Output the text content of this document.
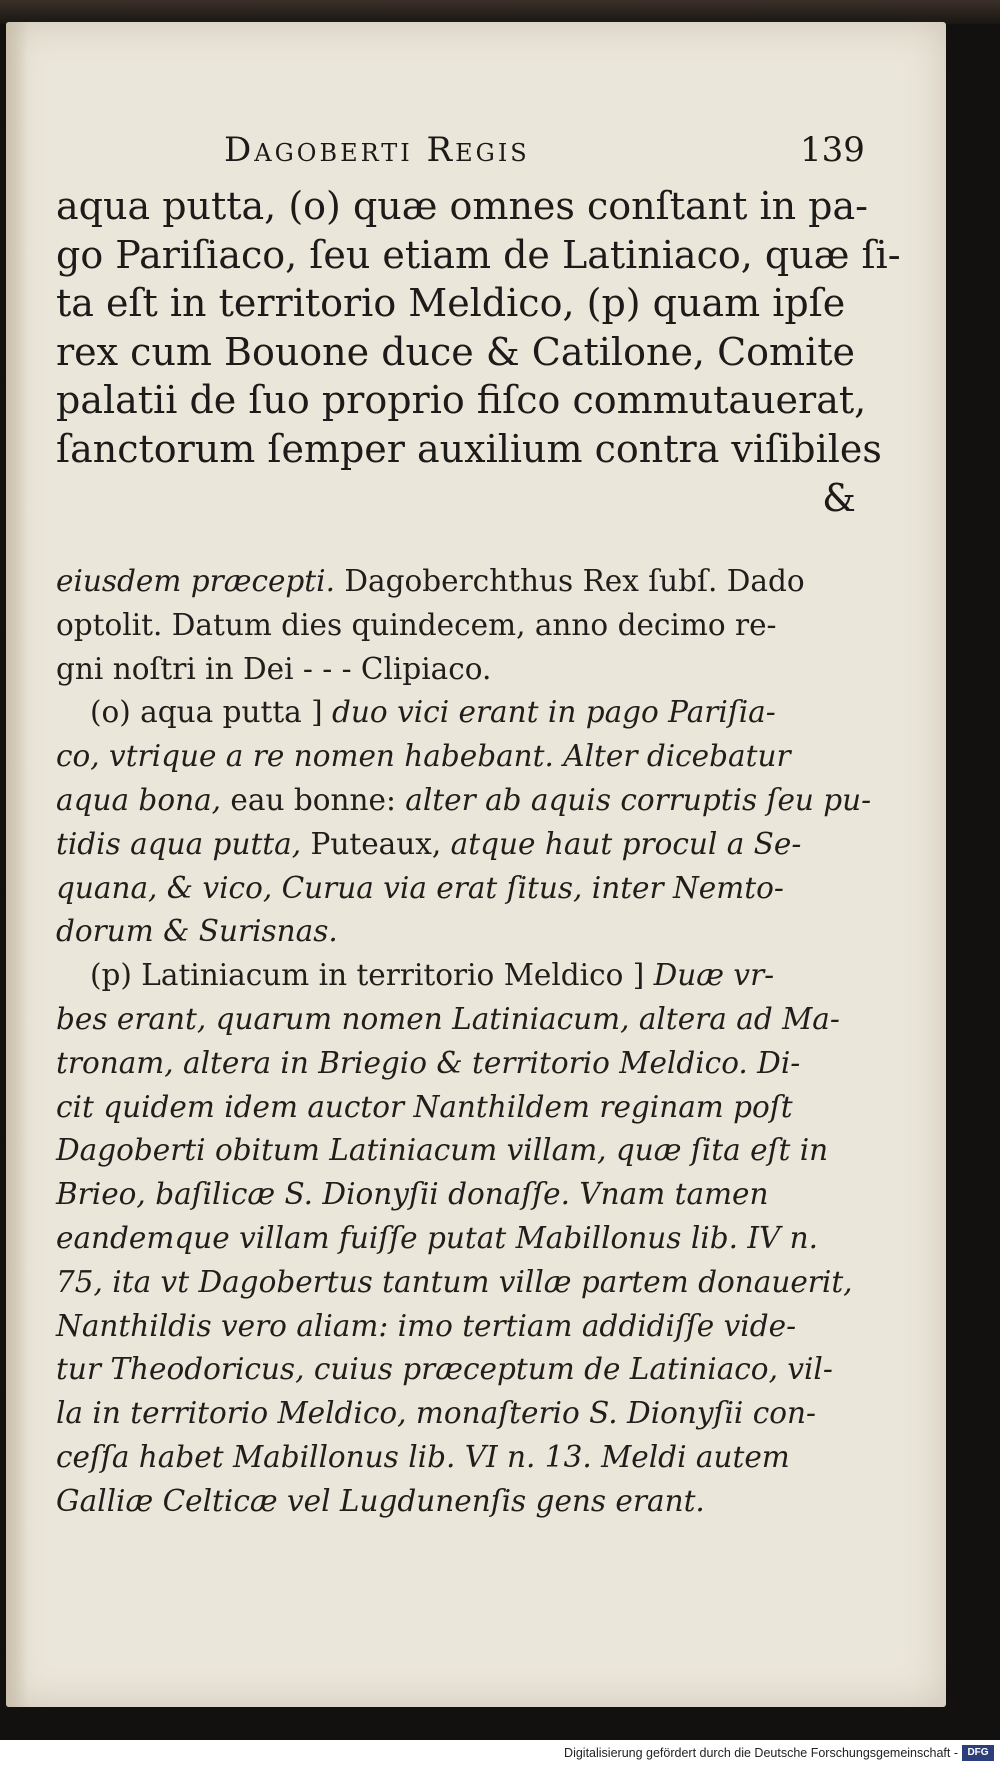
Dagoberti Regis	139
aqua putta, (o) quæ omnes conſtant in pa-
go Pariſiaco, ſeu etiam de Latiniaco, quæ ſi-
ta eſt in territorio Meldico, (p) quam ipſe
rex cum Bouone duce & Catilone, Comite
palatii de ſuo proprio fiſco commutauerat,
ſanctorum ſemper auxilium contra viſibiles
&
eiusdem præcepti. Dagoberchthus Rex ſubſ. Dado
optolit. Datum dies quindecem, anno decimo re-
gni noſtri in Dei - - - Clipiaco.
(o) aqua putta ] duo vici erant in pago Pariſia-
co, vtrique a re nomen habebant. Alter dicebatur
aqua bona, eau bonne: alter ab aquis corruptis ſeu pu-
tidis aqua putta, Puteaux, atque haut procul a Se-
quana, & vico, Curua via erat ſitus, inter Nemto-
dorum & Surisnas.
(p) Latiniacum in territorio Meldico ] Duæ vr-
bes erant, quarum nomen Latiniacum, altera ad Ma-
tronam, altera in Briegio & territorio Meldico. Di-
cit quidem idem auctor Nanthildem reginam poſt
Dagoberti obitum Latiniacum villam, quæ ſita eſt in
Brieo, baſilicæ S. Dionyſii donaſſe. Vnam tamen
eandemque villam fuiſſe putat Mabillonus lib. IV n.
75, ita vt Dagobertus tantum villæ partem donauerit,
Nanthildis vero aliam: imo tertiam addidiſſe vide-
tur Theodoricus, cuius præceptum de Latiniaco, vil-
la in territorio Meldico, monaſterio S. Dionyſii con-
ceſſa habet Mabillonus lib. VI n. 13. Meldi autem
Galliæ Celticæ vel Lugdunenſis gens erant.
Digitalisierung gefördert durch die Deutsche Forschungsgemeinschaft - DFG
